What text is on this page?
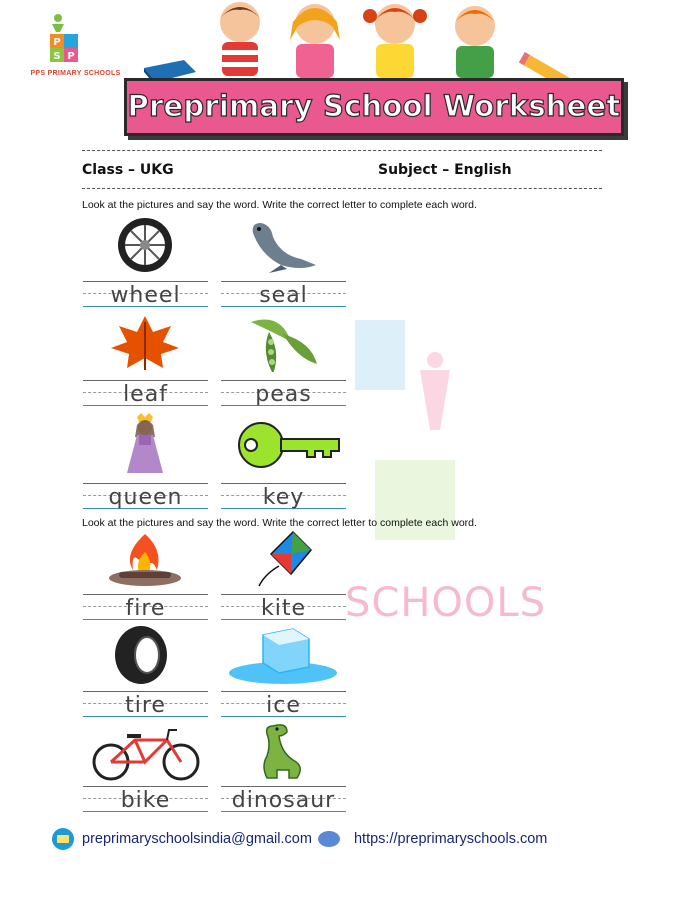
P
P
S
PPS PRIMARY SCHOOLS
Preprimary School Worksheet
Class – UKG	Subject – English
SCHOOLS
Look at the pictures and say the word. Write the correct letter to complete each word.
wheel	seal
leaf	peas
queen	key
Look at the pictures and say the word. Write the correct letter to complete each word.
fire	kite
tire	ice
bike	dinosaur
preprimaryschoolsindia@gmail.com	https://preprimaryschools.com
